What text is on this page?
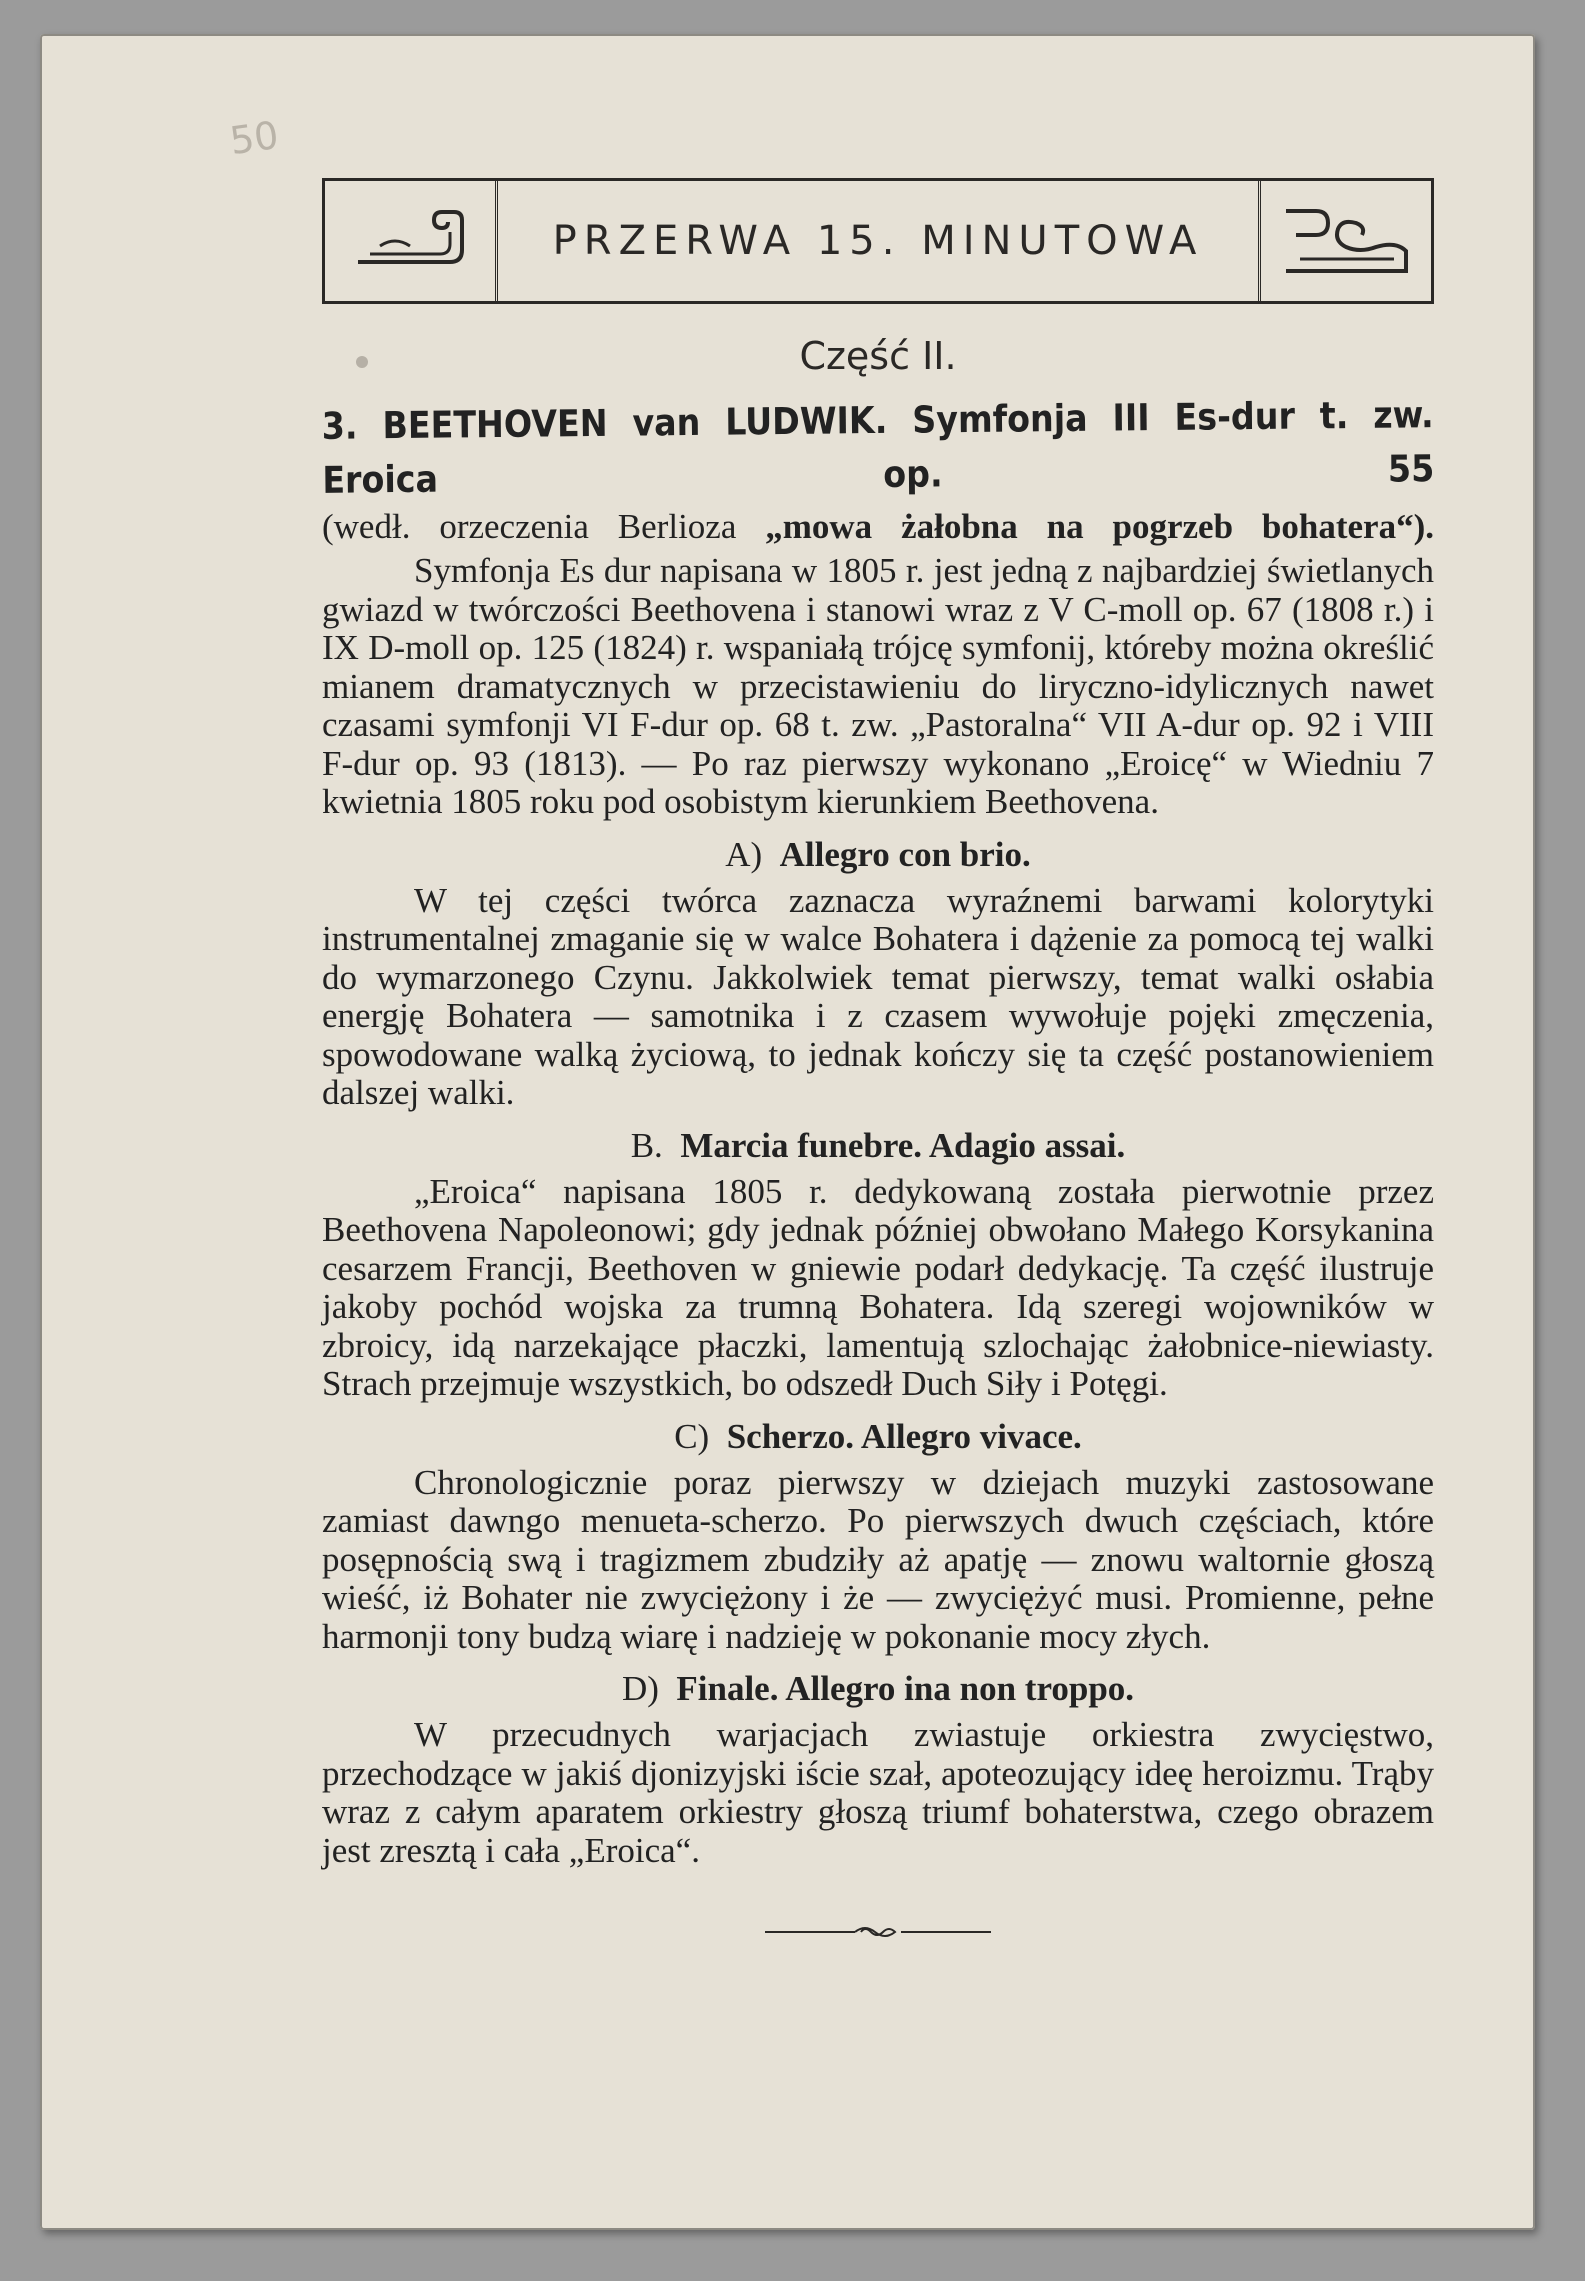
50
PRZERWA 15. MINUTOWA
Część II.
3. BEETHOVEN van LUDWIK. Symfonja III Es-dur t. zw. Eroica op. 55
(wedł. orzeczenia Berlioza „mowa żałobna na pogrzeb bohatera“).

Symfonja Es dur napisana w 1805 r. jest jedną z najbardziej świetlanych gwiazd w twórczości Beethovena i stanowi wraz z V C-moll op. 67 (1808 r.) i IX D-moll op. 125 (1824) r. wspaniałą trójcę symfonij, któreby można określić mianem dramatycznych w przecistawieniu do liryczno-idylicznych nawet czasami symfonji VI F-dur op. 68 t. zw. „Pastoralna“ VII A-dur op. 92 i VIII F-dur op. 93 (1813). — Po raz pierwszy wykonano „Eroicę“ w Wiedniu 7 kwietnia 1805 roku pod osobistym kierunkiem Beethovena.

A) Allegro con brio.

W tej części twórca zaznacza wyraźnemi barwami kolorytyki instrumentalnej zmaganie się w walce Bohatera i dążenie za pomocą tej walki do wymarzonego Czynu. Jakkolwiek temat pierwszy, temat walki osłabia energję Bohatera — samotnika i z czasem wywołuje pojęki zmęczenia, spowodowane walką życiową, to jednak kończy się ta część postanowieniem dalszej walki.

B. Marcia funebre. Adagio assai.

„Eroica“ napisana 1805 r. dedykowaną została pierwotnie przez Beethovena Napoleonowi; gdy jednak później obwołano Małego Korsykanina cesarzem Francji, Beethoven w gniewie podarł dedykację. Ta część ilustruje jakoby pochód wojska za trumną Bohatera. Idą szeregi wojowników w zbroicy, idą narzekające płaczki, lamentują szlochając żałobnice-niewiasty. Strach przejmuje wszystkich, bo odszedł Duch Siły i Potęgi.

C) Scherzo. Allegro vivace.

Chronologicznie poraz pierwszy w dziejach muzyki zastosowane zamiast dawngo menueta-scherzo. Po pierwszych dwuch częściach, które posępnością swą i tragizmem zbudziły aż apatję — znowu waltornie głoszą wieść, iż Bohater nie zwyciężony i że — zwyciężyć musi. Promienne, pełne harmonji tony budzą wiarę i nadzieję w pokonanie mocy złych.

D) Finale. Allegro ina non troppo.

W przecudnych warjacjach zwiastuje orkiestra zwycięstwo, przechodzące w jakiś djonizyjski iście szał, apoteozujący ideę heroizmu. Trąby wraz z całym aparatem orkiestry głoszą triumf bohaterstwa, czego obrazem jest zresztą i cała „Eroica“.
